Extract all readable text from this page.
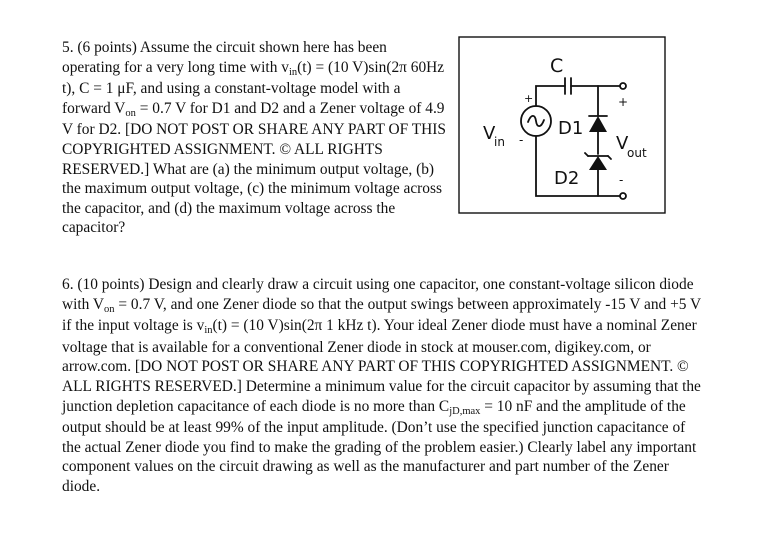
5. (6 points) Assume the circuit shown here has been operating for a very long time with vin(t) = (10 V)sin(2π 60Hz t), C = 1 μF, and using a constant-voltage model with a forward Von = 0.7 V for D1 and D2 and a Zener voltage of 4.9 V for D2. [DO NOT POST OR SHARE ANY PART OF THIS COPYRIGHTED ASSIGNMENT. © ALL RIGHTS RESERVED.] What are (a) the minimum output voltage, (b) the maximum output voltage, (c) the minimum voltage across the capacitor, and (d) the maximum voltage across the capacitor?
C
D1
D2
V
in	V
out
+
-
+
-
6. (10 points) Design and clearly draw a circuit using one capacitor, one constant-voltage silicon diode with Von = 0.7 V, and one Zener diode so that the output swings between approximately -15 V and +5 V if the input voltage is vin(t) = (10 V)sin(2π 1 kHz t). Your ideal Zener diode must have a nominal Zener voltage that is available for a conventional Zener diode in stock at mouser.com, digikey.com, or arrow.com. [DO NOT POST OR SHARE ANY PART OF THIS COPYRIGHTED ASSIGNMENT. © ALL RIGHTS RESERVED.] Determine a minimum value for the circuit capacitor by assuming that the junction depletion capacitance of each diode is no more than CjD,max = 10 nF and the amplitude of the output should be at least 99% of the input amplitude. (Don’t use the specified junction capacitance of the actual Zener diode you find to make the grading of the problem easier.) Clearly label any important component values on the circuit drawing as well as the manufacturer and part number of the Zener diode.
